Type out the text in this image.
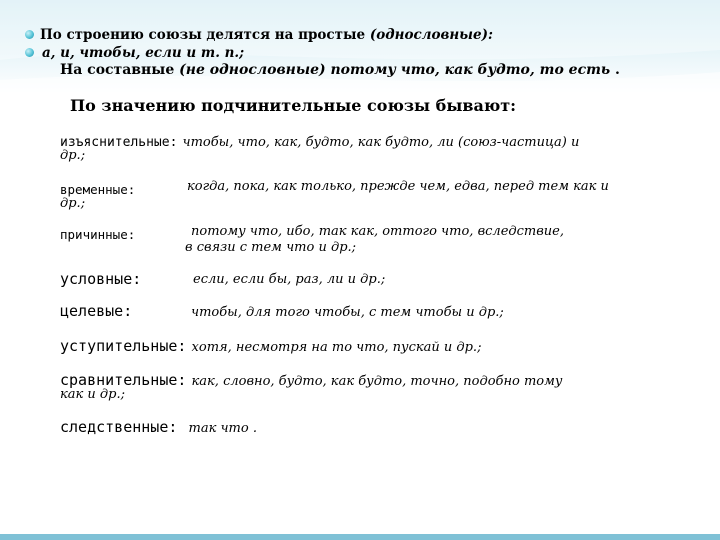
По строению союзы делятся на простые (однословные):
а, и, чтобы, если и т. п.;
На составные (не однословные) потому что, как будто, то есть .
По значению подчинительные союзы бывают:
изъяснительные: чтобы, что, как, будто, как будто, ли (союз-частица) и
др.;
временные:	когда, пока, как только, прежде чем, едва, перед тем как и
др.;
причинные:	потому что, ибо, так как, оттого что, вследствие,
в связи с тем что и др.;
условные:	если, если бы, раз, ли и др.;
целевые:	чтобы, для того чтобы, с тем чтобы и др.;
уступительные: хотя, несмотря на то что, пускай и др.;
сравнительные: как, словно, будто, как будто, точно, подобно тому
как и др.;
следственные: так что .
